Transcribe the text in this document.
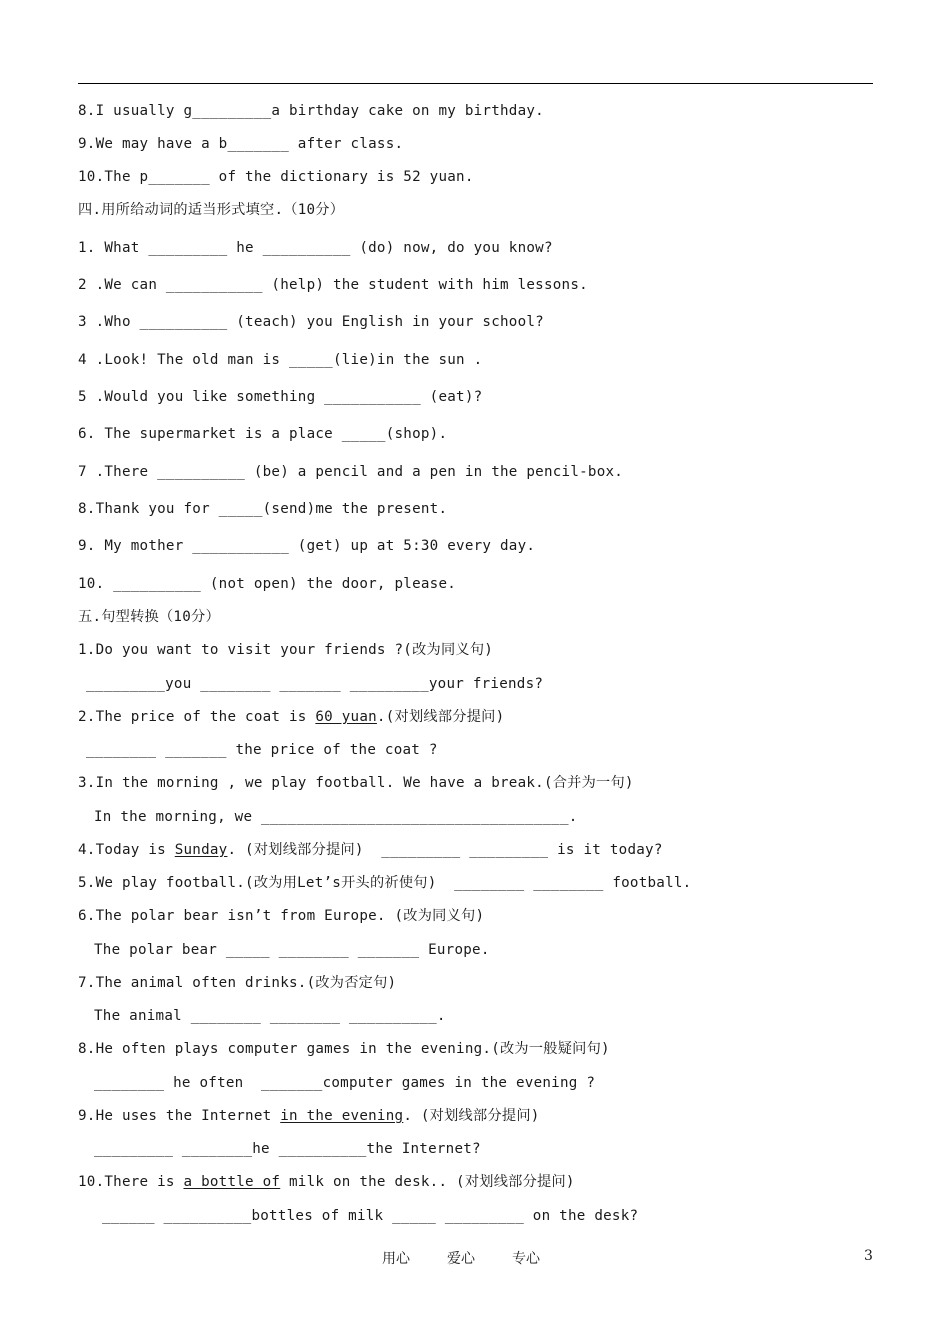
8.I usually g_________a birthday cake on my birthday.
9.We may have a b_______ after class.
10.The p_______ of the dictionary is 52 yuan.
四.用所给动词的适当形式填空.（10分）
1. What _________ he __________ (do) now, do you know?
2 .We can ___________ (help) the student with him lessons.
3 .Who __________ (teach) you English in your school?
4 .Look! The old man is _____(lie)in the sun .
5 .Would you like something ___________ (eat)?
6. The supermarket is a place _____(shop).
7 .There __________ (be) a pencil and a pen in the pencil-box.
8.Thank you for _____(send)me the present.
9. My mother ___________ (get) up at 5:30 every day.
10. __________ (not open) the door, please.
五.句型转换（10分）
1.Do you want to visit your friends ?(改为同义句)
_________you ________ _______ _________your friends?
2.The price of the coat is 60 yuan.(对划线部分提问)
________ _______ the price of the coat ?
3.In the morning , we play football. We have a break.(合并为一句)
In the morning, we ___________________________________.
4.Today is Sunday. (对划线部分提问)  _________ _________ is it today?
5.We play football.(改为用Let’s开头的祈使句)  ________ ________ football.
6.The polar bear isn’t from Europe. (改为同义句)
The polar bear _____ ________ _______ Europe.
7.The animal often drinks.(改为否定句)
The animal ________ ________ __________.
8.He often plays computer games in the evening.(改为一般疑问句)
________ he often  _______computer games in the evening ?
9.He uses the Internet in the evening. (对划线部分提问)
_________ ________he __________the Internet?
10.There is a bottle of milk on the desk.. (对划线部分提问)
______ __________bottles of milk _____ _________ on the desk?
用心	爱心	专心	3
